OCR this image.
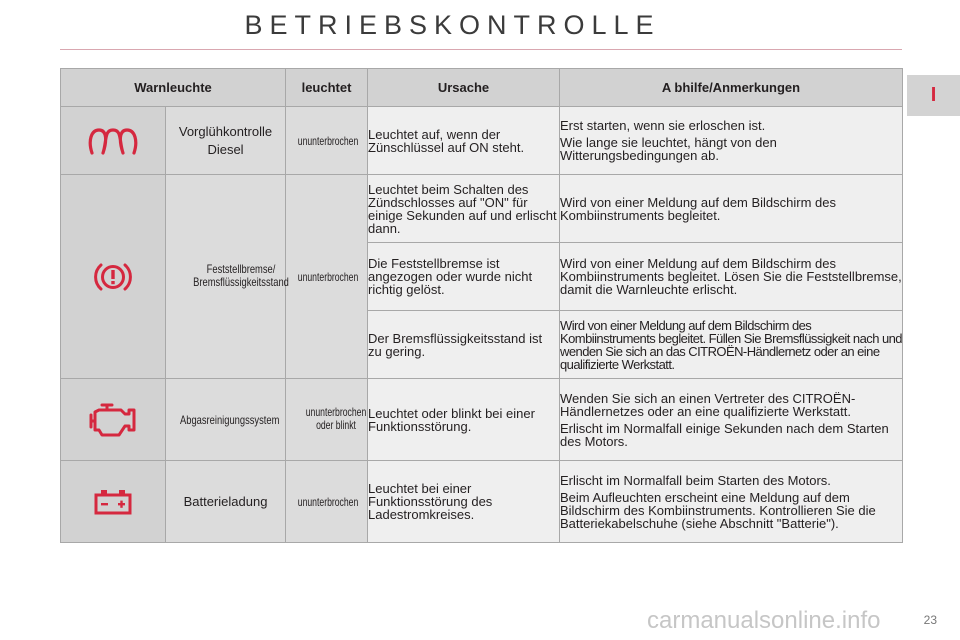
BETRIEBSKONTROLLE
I
Warnleuchte		leuchtet	Ursache	A bhilfe/Anmerkungen

	Vorglühkontrolle Diesel	ununterbrochen	Leuchtet auf, wenn der Zünschlüssel auf ON steht.	Erst starten, wenn sie erloschen ist.

Wie lange sie leuchtet, hängt von den Witterungsbedingungen ab.

	Feststellbremse/ Bremsflüssigkeitsstand	ununterbrochen	Leuchtet beim Schalten des Zündschlosses auf "ON" für einige Sekunden auf und erlischt dann.	Wird von einer Meldung auf dem Bildschirm des Kombiinstruments begleitet.
			Die Feststellbremse ist angezogen oder wurde nicht richtig gelöst.	Wird von einer Meldung auf dem Bildschirm des Kombiinstruments begleitet. Lösen Sie die Feststellbremse, damit die Warnleuchte erlischt.
			Der Bremsflüssigkeitsstand ist zu gering.	Wird von einer Meldung auf dem Bildschirm des Kombiinstruments begleitet. Füllen Sie Bremsflüssigkeit nach und wenden Sie sich an das CITROËN-Händlernetz oder an eine qualifizierte Werkstatt.

	Abgasreinigungssystem	ununterbrochen oder blinkt	Leuchtet oder blinkt bei einer Funktionsstörung.	Wenden Sie sich an einen Vertreter des CITROËN-Händlernetzes oder an eine qualifizierte Werkstatt.

Erlischt im Normalfall einige Sekunden nach dem Starten des Motors.

	Batterieladung	ununterbrochen	Leuchtet bei einer Funktionsstörung des Ladestromkreises.	Erlischt im Normalfall beim Starten des Motors.

Beim Aufleuchten erscheint eine Meldung auf dem Bildschirm des Kombiinstruments. Kontrollieren Sie die Batteriekabelschuhe (siehe Abschnitt "Batterie").

carmanualsonline.info	23
